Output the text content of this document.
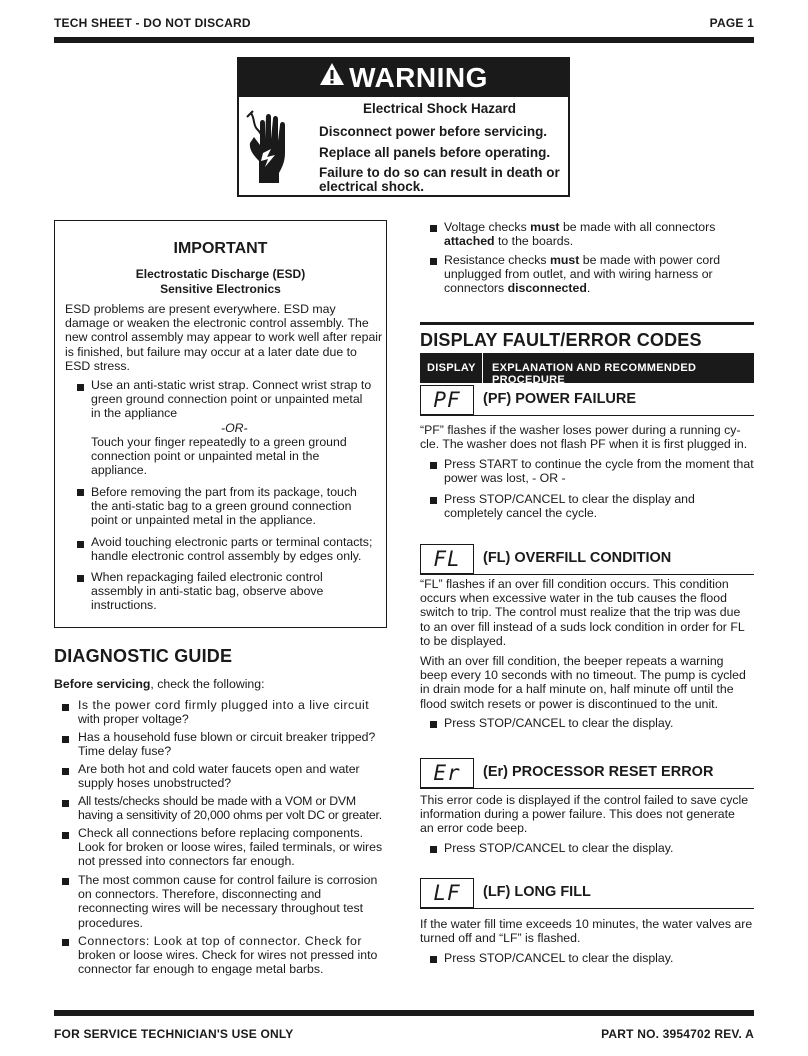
TECH SHEET - DO NOT DISCARD	PAGE 1
WARNING
Electrical Shock Hazard
Disconnect power before servicing.
Replace all panels before operating.
Failure to do so can result in death or
electrical shock.
IMPORTANT
Electrostatic Discharge (ESD)
Sensitive Electronics
ESD problems are present everywhere. ESD may
damage or weaken the electronic control assembly. The
new control assembly may appear to work well after repair
is finished, but failure may occur at a later date due to
ESD stress.
Use an anti-static wrist strap. Connect wrist strap to
green ground connection point or unpainted metal
in the appliance
-OR-
Touch your finger repeatedly to a green ground
connection point or unpainted metal in the
appliance.
Before removing the part from its package, touch
the anti-static bag to a green ground connection
point or unpainted metal in the appliance.
Avoid touching electronic parts or terminal contacts;
handle electronic control assembly by edges only.
When repackaging failed electronic control
assembly in anti-static bag, observe above
instructions.
DIAGNOSTIC GUIDE
Before servicing, check the following:
Is the power cord firmly plugged into a live circuit
with proper voltage?
Has a household fuse blown or circuit breaker tripped?
Time delay fuse?
Are both hot and cold water faucets open and water
supply hoses unobstructed?
All tests/checks should be made with a VOM or DVM
having a sensitivity of 20,000 ohms per volt DC or greater.
Check all connections before replacing components.
Look for broken or loose wires, failed terminals, or wires
not pressed into connectors far enough.
The most common cause for control failure is corrosion
on connectors. Therefore, disconnecting and
reconnecting wires will be necessary throughout test
procedures.
Connectors: Look at top of connector. Check for
broken or loose wires. Check for wires not pressed into
connector far enough to engage metal barbs.
Voltage checks must be made with all connectors
attached to the boards.
Resistance checks must be made with power cord
unplugged from outlet, and with wiring harness or
connectors disconnected.
DISPLAY FAULT/ERROR CODES
DISPLAY EXPLANATION AND RECOMMENDED PROCEDURE
PF	(PF) POWER FAILURE
“PF” flashes if the washer loses power during a running cy-
cle. The washer does not flash PF when it is first plugged in.
Press START to continue the cycle from the moment that
power was lost, - OR -
Press STOP/CANCEL to clear the display and
completely cancel the cycle.
FL	(FL) OVERFILL CONDITION
“FL” flashes if an over fill condition occurs. This condition
occurs when excessive water in the tub causes the flood
switch to trip. The control must realize that the trip was due
to an over fill instead of a suds lock condition in order for FL
to be displayed.
With an over fill condition, the beeper repeats a warning
beep every 10 seconds with no timeout. The pump is cycled
in drain mode for a half minute on, half minute off until the
flood switch resets or power is discontinued to the unit.
Press STOP/CANCEL to clear the display.
Er	(Er) PROCESSOR RESET ERROR
This error code is displayed if the control failed to save cycle
information during a power failure. This does not generate
an error code beep.
Press STOP/CANCEL to clear the display.
LF	(LF) LONG FILL
If the water fill time exceeds 10 minutes, the water valves are
turned off and “LF” is flashed.
Press STOP/CANCEL to clear the display.
FOR SERVICE TECHNICIAN'S USE ONLY	PART NO. 3954702 REV. A
